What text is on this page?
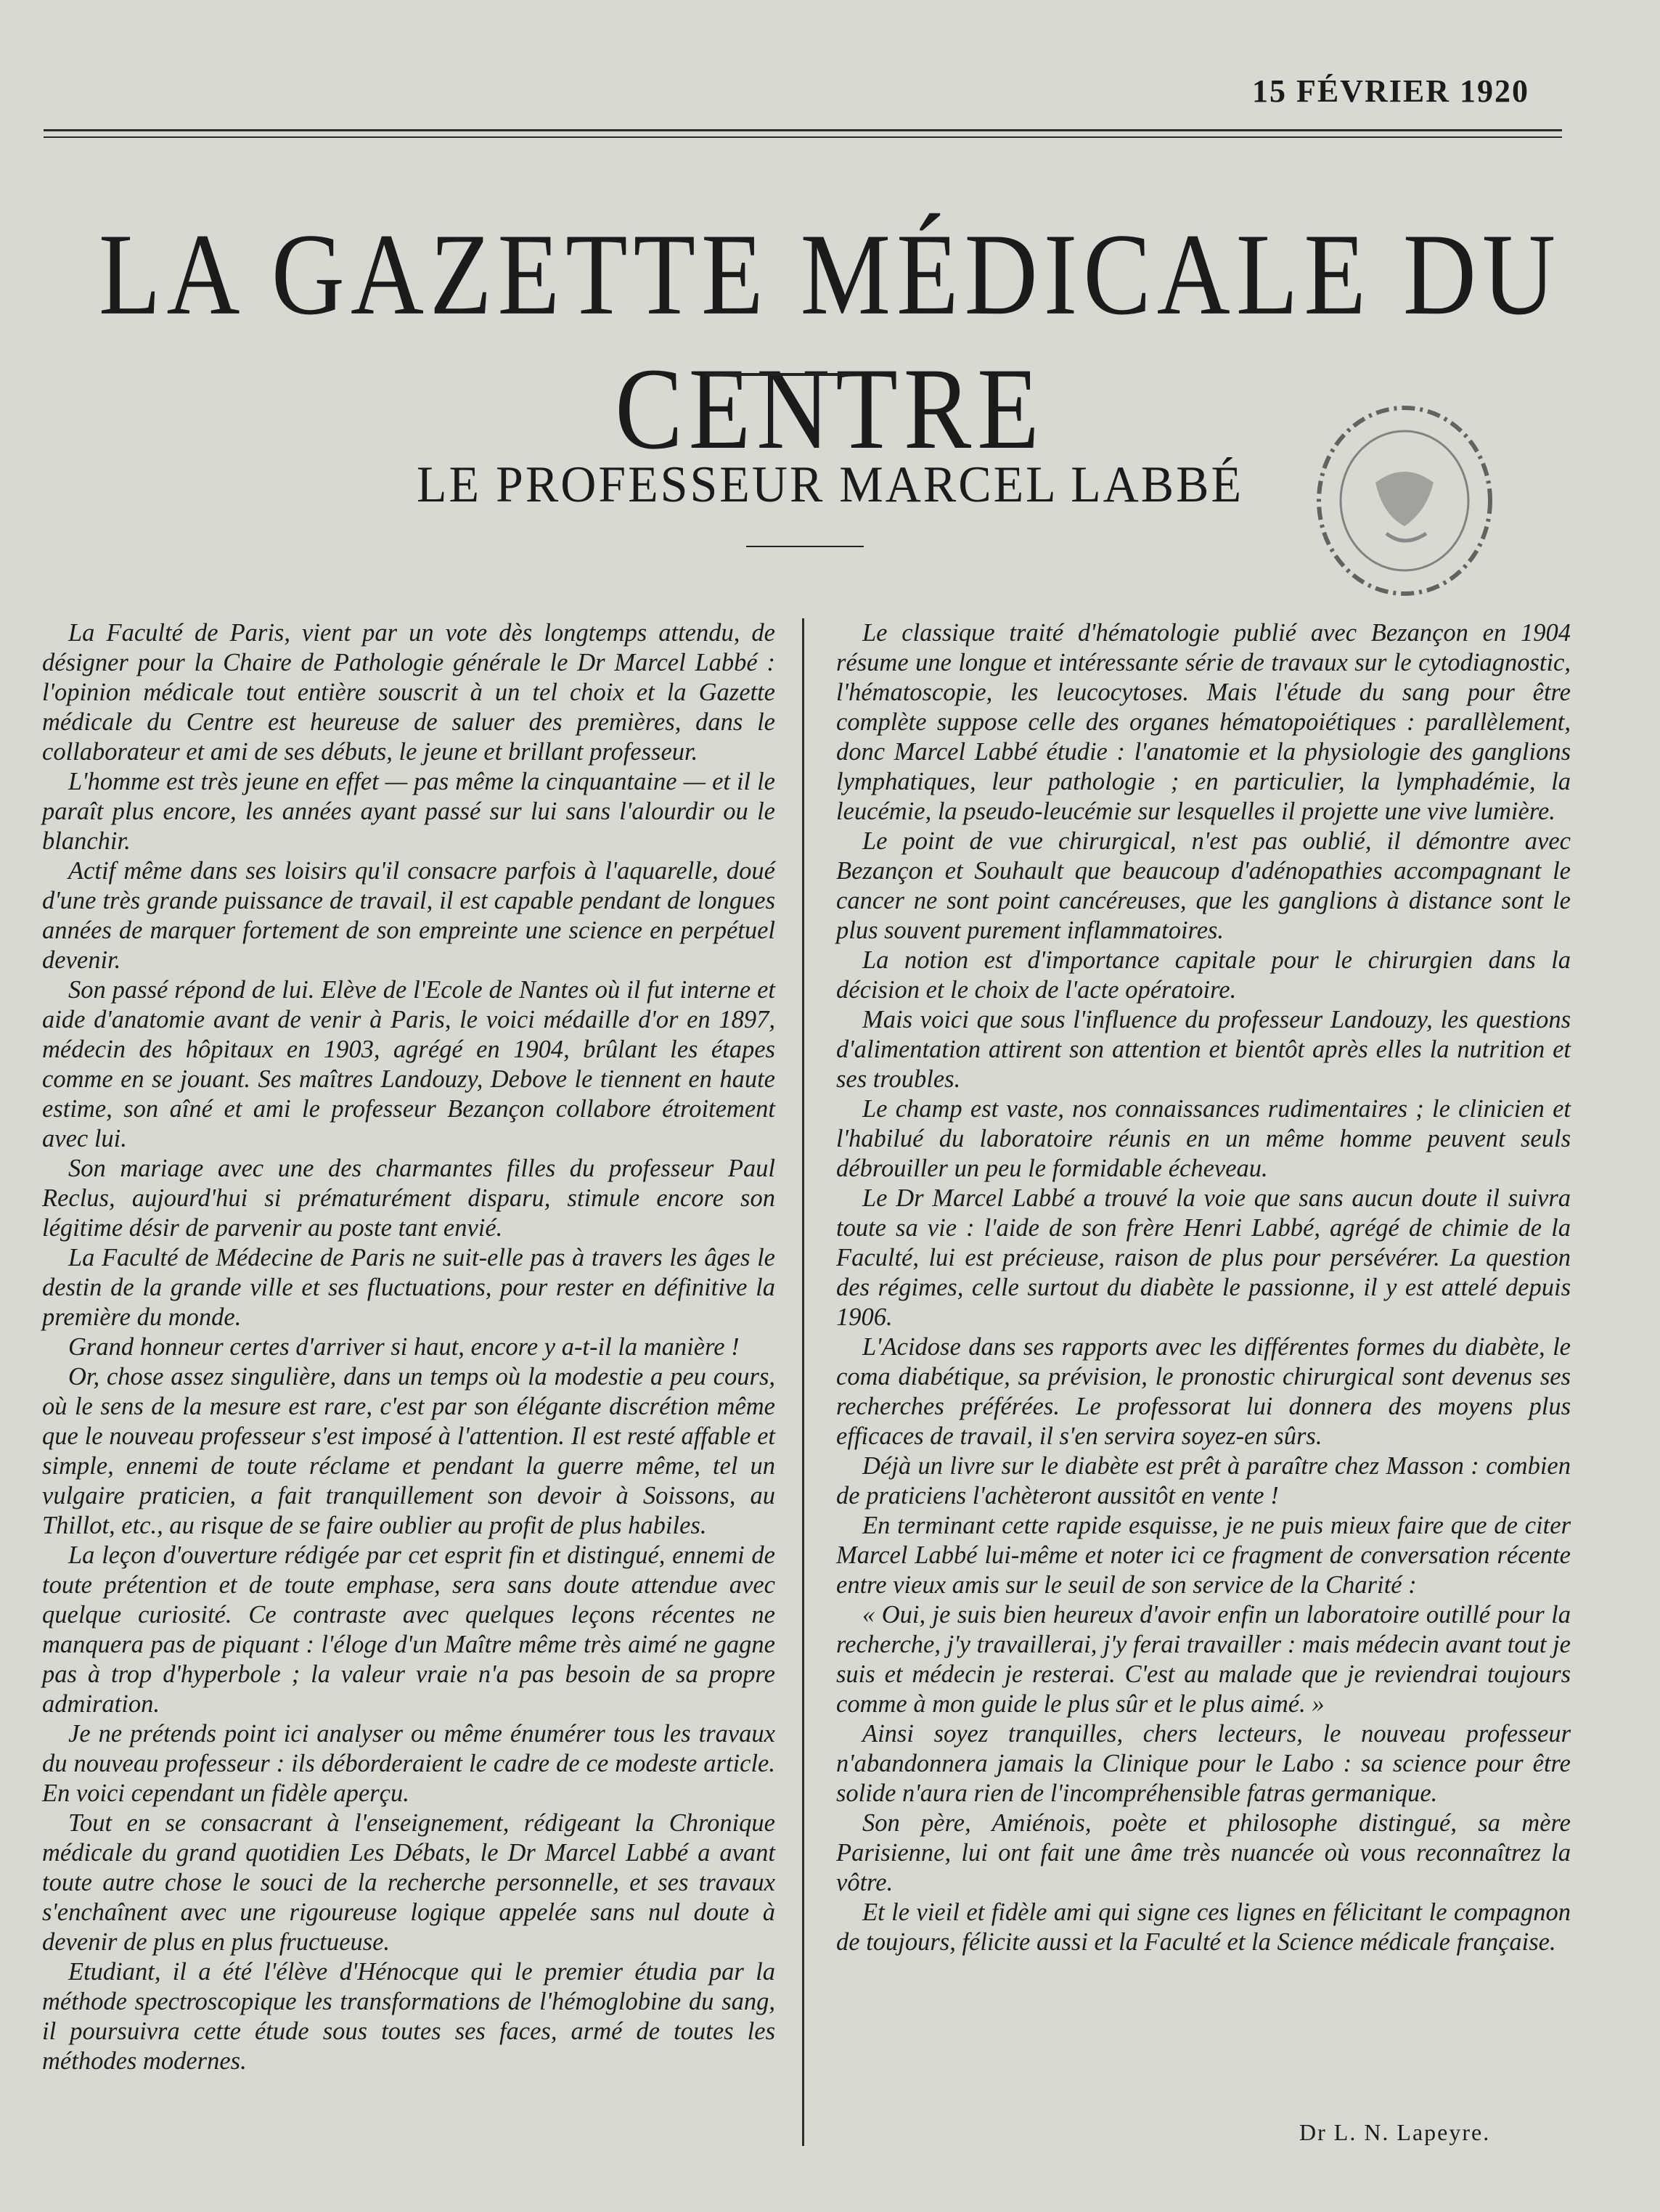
15 FÉVRIER 1920
LA GAZETTE MÉDICALE DU CENTRE
LE PROFESSEUR MARCEL LABBÉ

La Faculté de Paris, vient par un vote dès longtemps attendu, de désigner pour la Chaire de Pathologie générale le Dr Marcel Labbé : l'opinion médicale tout entière souscrit à un tel choix et la Gazette médicale du Centre est heureuse de saluer des premières, dans le collaborateur et ami de ses débuts, le jeune et brillant professeur.

L'homme est très jeune en effet — pas même la cinquantaine — et il le paraît plus encore, les années ayant passé sur lui sans l'alourdir ou le blanchir.

Actif même dans ses loisirs qu'il consacre parfois à l'aquarelle, doué d'une très grande puissance de travail, il est capable pendant de longues années de marquer fortement de son empreinte une science en perpétuel devenir.

Son passé répond de lui. Elève de l'Ecole de Nantes où il fut interne et aide d'anatomie avant de venir à Paris, le voici médaille d'or en 1897, médecin des hôpitaux en 1903, agrégé en 1904, brûlant les étapes comme en se jouant. Ses maîtres Landouzy, Debove le tiennent en haute estime, son aîné et ami le professeur Bezançon collabore étroitement avec lui.

Son mariage avec une des charmantes filles du professeur Paul Reclus, aujourd'hui si prématurément disparu, stimule encore son légitime désir de parvenir au poste tant envié.

La Faculté de Médecine de Paris ne suit-elle pas à travers les âges le destin de la grande ville et ses fluctuations, pour rester en définitive la première du monde.

Grand honneur certes d'arriver si haut, encore y a-t-il la manière !

Or, chose assez singulière, dans un temps où la modestie a peu cours, où le sens de la mesure est rare, c'est par son élégante discrétion même que le nouveau professeur s'est imposé à l'attention. Il est resté affable et simple, ennemi de toute réclame et pendant la guerre même, tel un vulgaire praticien, a fait tranquillement son devoir à Soissons, au Thillot, etc., au risque de se faire oublier au profit de plus habiles.

La leçon d'ouverture rédigée par cet esprit fin et distingué, ennemi de toute prétention et de toute emphase, sera sans doute attendue avec quelque curiosité. Ce contraste avec quelques leçons récentes ne manquera pas de piquant : l'éloge d'un Maître même très aimé ne gagne pas à trop d'hyperbole ; la valeur vraie n'a pas besoin de sa propre admiration.

Je ne prétends point ici analyser ou même énumérer tous les travaux du nouveau professeur : ils déborderaient le cadre de ce modeste article. En voici cependant un fidèle aperçu.

Tout en se consacrant à l'enseignement, rédigeant la Chronique médicale du grand quotidien Les Débats, le Dr Marcel Labbé a avant toute autre chose le souci de la recherche personnelle, et ses travaux s'enchaînent avec une rigoureuse logique appelée sans nul doute à devenir de plus en plus fructueuse.

Etudiant, il a été l'élève d'Hénocque qui le premier étudia par la méthode spectroscopique les transformations de l'hémoglobine du sang, il poursuivra cette étude sous toutes ses faces, armé de toutes les méthodes modernes.

Le classique traité d'hématologie publié avec Bezançon en 1904 résume une longue et intéressante série de travaux sur le cytodiagnostic, l'hématoscopie, les leucocytoses. Mais l'étude du sang pour être complète suppose celle des organes hématopoiétiques : parallèlement, donc Marcel Labbé étudie : l'anatomie et la physiologie des ganglions lymphatiques, leur pathologie ; en particulier, la lymphadémie, la leucémie, la pseudo-leucémie sur lesquelles il projette une vive lumière.

Le point de vue chirurgical, n'est pas oublié, il démontre avec Bezançon et Souhault que beaucoup d'adénopathies accompagnant le cancer ne sont point cancéreuses, que les ganglions à distance sont le plus souvent purement inflammatoires.

La notion est d'importance capitale pour le chirurgien dans la décision et le choix de l'acte opératoire.

Mais voici que sous l'influence du professeur Landouzy, les questions d'alimentation attirent son attention et bientôt après elles la nutrition et ses troubles.

Le champ est vaste, nos connaissances rudimentaires ; le clinicien et l'habilué du laboratoire réunis en un même homme peuvent seuls débrouiller un peu le formidable écheveau.

Le Dr Marcel Labbé a trouvé la voie que sans aucun doute il suivra toute sa vie : l'aide de son frère Henri Labbé, agrégé de chimie de la Faculté, lui est précieuse, raison de plus pour persévérer. La question des régimes, celle surtout du diabète le passionne, il y est attelé depuis 1906.

L'Acidose dans ses rapports avec les différentes formes du diabète, le coma diabétique, sa prévision, le pronostic chirurgical sont devenus ses recherches préférées. Le professorat lui donnera des moyens plus efficaces de travail, il s'en servira soyez-en sûrs.

Déjà un livre sur le diabète est prêt à paraître chez Masson : combien de praticiens l'achèteront aussitôt en vente !

En terminant cette rapide esquisse, je ne puis mieux faire que de citer Marcel Labbé lui-même et noter ici ce fragment de conversation récente entre vieux amis sur le seuil de son service de la Charité :

« Oui, je suis bien heureux d'avoir enfin un laboratoire outillé pour la recherche, j'y travaillerai, j'y ferai travailler : mais médecin avant tout je suis et médecin je resterai. C'est au malade que je reviendrai toujours comme à mon guide le plus sûr et le plus aimé. »

Ainsi soyez tranquilles, chers lecteurs, le nouveau professeur n'abandonnera jamais la Clinique pour le Labo : sa science pour être solide n'aura rien de l'incompréhensible fatras germanique.

Son père, Amiénois, poète et philosophe distingué, sa mère Parisienne, lui ont fait une âme très nuancée où vous reconnaîtrez la vôtre.

Et le vieil et fidèle ami qui signe ces lignes en félicitant le compagnon de toujours, félicite aussi et la Faculté et la Science médicale française.

Dr L. N. Lapeyre.
